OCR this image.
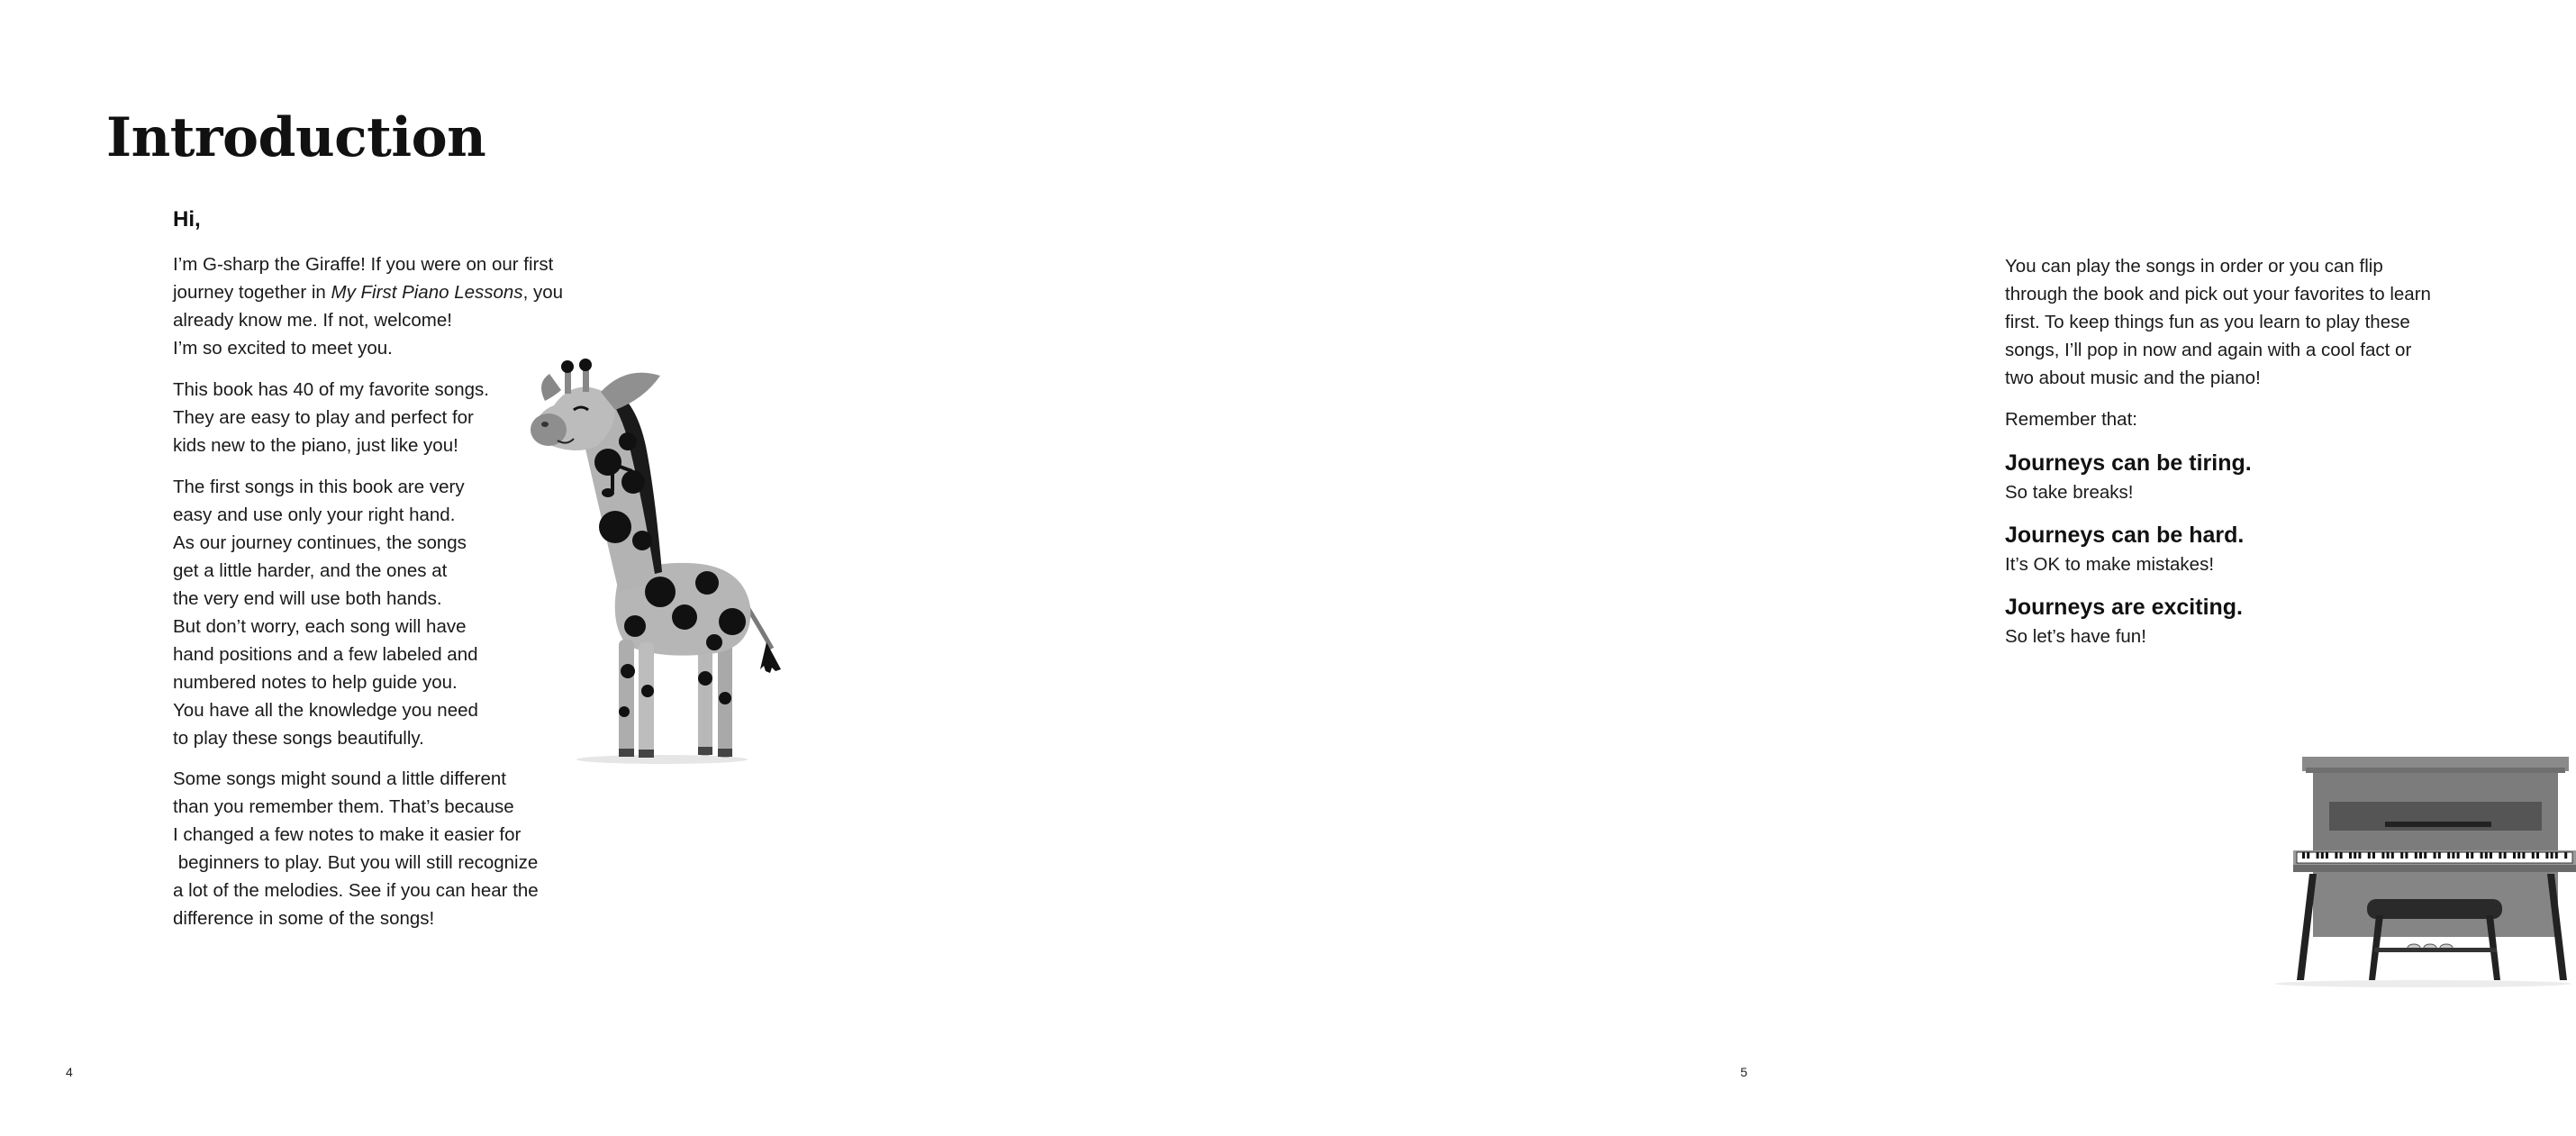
Introduction

Hi,

I’m G-sharp the Giraffe! If you were on our first
journey together in My First Piano Lessons, you
already know me. If not, welcome!
I’m so excited to meet you.

This book has 40 of my favorite songs.
They are easy to play and perfect for
kids new to the piano, just like you!

The first songs in this book are very
easy and use only your right hand.
As our journey continues, the songs
get a little harder, and the ones at
the very end will use both hands.
But don’t worry, each song will have
hand positions and a few labeled and
numbered notes to help guide you.
You have all the knowledge you need
to play these songs beautifully.

Some songs might sound a little different
than you remember them. That’s because
I changed a few notes to make it easier for
beginners to play. But you will still recognize
a lot of the melodies. See if you can hear the
difference in some of the songs!

4

You can play the songs in order or you can flip
through the book and pick out your favorites to learn
first. To keep things fun as you learn to play these
songs, I’ll pop in now and again with a cool fact or
two about music and the piano!

Remember that:

Journeys can be tiring.

So take breaks!

Journeys can be hard.

It’s OK to make mistakes!

Journeys are exciting.

So let’s have fun!

5
